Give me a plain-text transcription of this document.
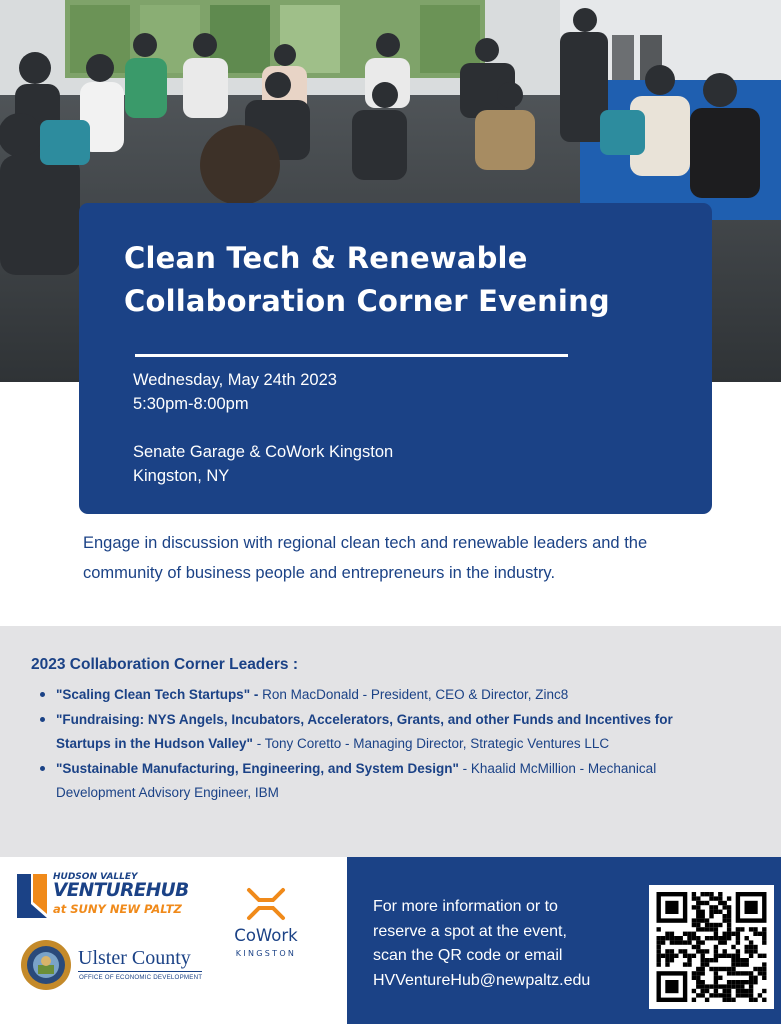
Clean Tech & Renewable
Collaboration Corner Evening
Wednesday, May 24th 2023
5:30pm-8:00pm
Senate Garage & CoWork Kingston
Kingston, NY

Engage in discussion with regional clean tech and renewable leaders and the community of business people and entrepreneurs in the industry.

2023 Collaboration Corner Leaders :
"Scaling Clean Tech Startups" - Ron MacDonald - President, CEO & Director, Zinc8
"Fundraising: NYS Angels, Incubators, Accelerators, Grants, and other Funds and Incentives for Startups in the Hudson Valley" - Tony Coretto - Managing Director, Strategic Ventures LLC
"Sustainable Manufacturing, Engineering, and System Design" - Khaalid McMillion - Mechanical Development Advisory Engineer, IBM
HUDSON VALLEY
VENTUREHUB
at SUNY NEW PALTZ
CoWork
KINGSTON
Ulster County
OFFICE OF ECONOMIC DEVELOPMENT
For more information or to
reserve a spot at the event,
scan the QR code or email
HVVentureHub@newpaltz.edu
